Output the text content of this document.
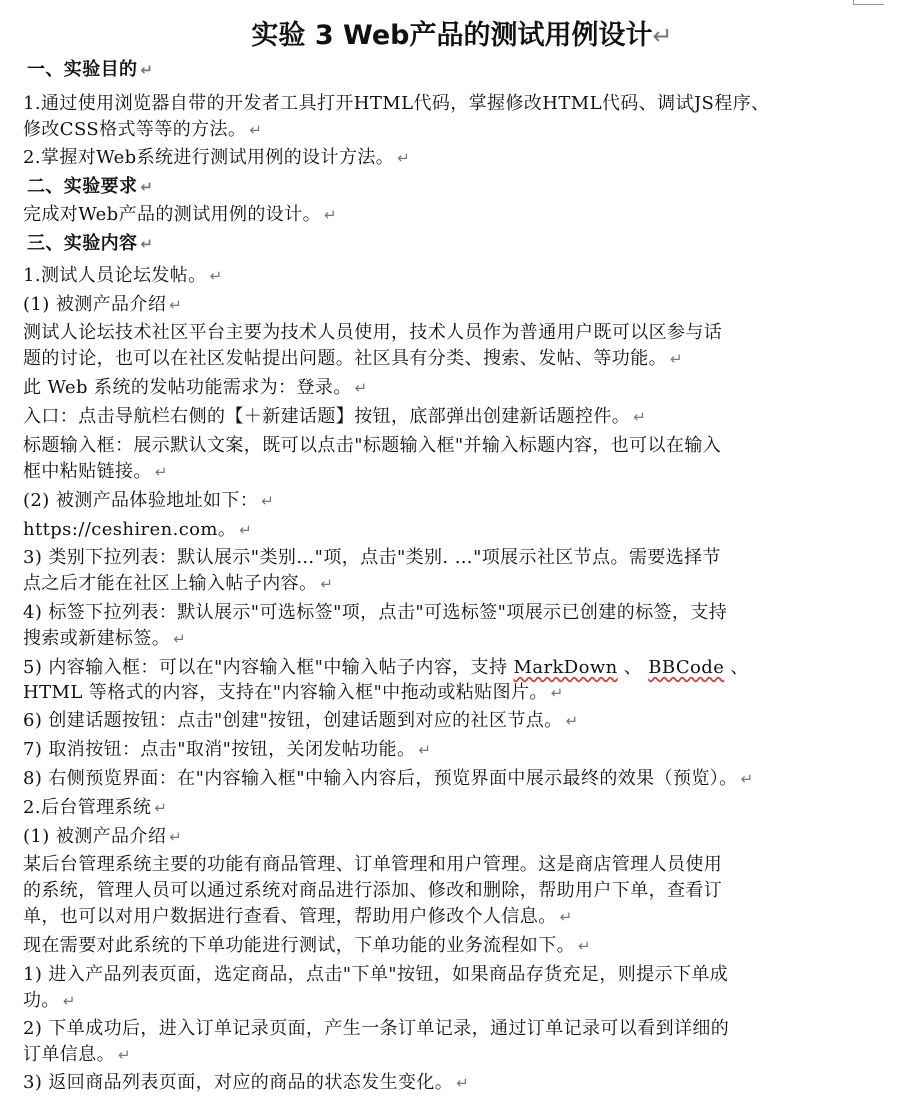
实验 3 Web产品的测试用例设计↵

一、实验目的 ↵

1.通过使用浏览器自带的开发者工具打开HTML代码，掌握修改HTML代码、调试JS程序、

修改CSS格式等等的方法。 ↵

2.掌握对Web系统进行测试用例的设计方法。 ↵

二、实验要求 ↵

完成对Web产品的测试用例的设计。 ↵

三、实验内容 ↵

1.测试人员论坛发帖。 ↵

(1) 被测产品介绍 ↵

测试人论坛技术社区平台主要为技术人员使用，技术人员作为普通用户既可以区参与话

题的讨论，也可以在社区发帖提出问题。社区具有分类、搜索、发帖、等功能。 ↵

此 Web 系统的发帖功能需求为：登录。 ↵

入口：点击导航栏右侧的【＋新建话题】按钮，底部弹出创建新话题控件。 ↵

标题输入框：展示默认文案，既可以点击"标题输入框"并输入标题内容，也可以在输入

框中粘贴链接。 ↵

(2) 被测产品体验地址如下： ↵

https://ceshiren.com。 ↵

3) 类别下拉列表：默认展示"类别…"项，点击"类别. …"项展示社区节点。需要选择节

点之后才能在社区上输入帖子内容。 ↵

4) 标签下拉列表：默认展示"可选标签"项，点击"可选标签"项展示已创建的标签，支持

搜索或新建标签。 ↵

5) 内容输入框：可以在"内容输入框"中输入帖子内容，支持 MarkDown 、 BBCode 、

HTML 等格式的内容，支持在"内容输入框"中拖动或粘贴图片。 ↵

6) 创建话题按钮：点击"创建"按钮，创建话题到对应的社区节点。 ↵

7) 取消按钮：点击"取消"按钮，关闭发帖功能。 ↵

8) 右侧预览界面：在"内容输入框"中输入内容后，预览界面中展示最终的效果（预览）。 ↵

2.后台管理系统 ↵

(1) 被测产品介绍 ↵

某后台管理系统主要的功能有商品管理、订单管理和用户管理。这是商店管理人员使用

的系统，管理人员可以通过系统对商品进行添加、修改和删除，帮助用户下单，查看订

单，也可以对用户数据进行查看、管理，帮助用户修改个人信息。 ↵

现在需要对此系统的下单功能进行测试，下单功能的业务流程如下。 ↵

1) 进入产品列表页面，选定商品，点击"下单"按钮，如果商品存货充足，则提示下单成

功。 ↵

2) 下单成功后，进入订单记录页面，产生一条订单记录，通过订单记录可以看到详细的

订单信息。 ↵

3) 返回商品列表页面，对应的商品的状态发生变化。 ↵
